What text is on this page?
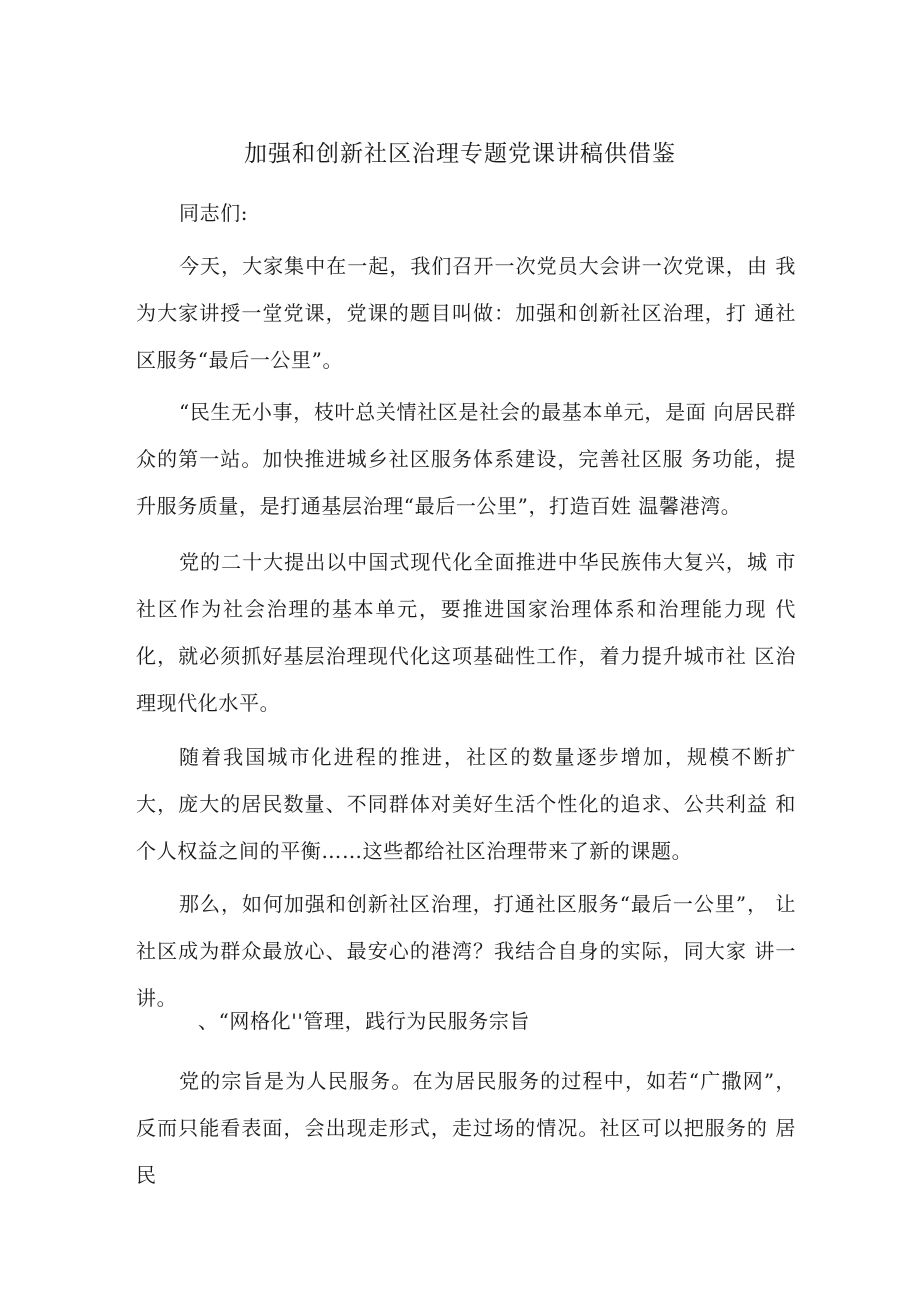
加强和创新社区治理专题党课讲稿供借鉴

同志们:

今天，大家集中在一起，我们召开一次党员大会讲一次党课，由 我为大家讲授一堂党课，党课的题目叫做：加强和创新社区治理，打 通社区服务“最后一公里”。

“民生无小事，枝叶总关情社区是社会的最基本单元，是面 向居民群众的第一站。加快推进城乡社区服务体系建设，完善社区服 务功能，提升服务质量，是打通基层治理“最后一公里”，打造百姓 温馨港湾。

党的二十大提出以中国式现代化全面推进中华民族伟大复兴，城 市社区作为社会治理的基本单元，要推进国家治理体系和治理能力现 代化，就必须抓好基层治理现代化这项基础性工作，着力提升城市社 区治理现代化水平。

随着我国城市化进程的推进，社区的数量逐步增加，规模不断扩 大，庞大的居民数量、不同群体对美好生活个性化的追求、公共利益 和个人权益之间的平衡……这些都给社区治理带来了新的课题。

那么，如何加强和创新社区治理，打通社区服务“最后一公里”， 让社区成为群众最放心、最安心的港湾？我结合自身的实际，同大家 讲一讲。

、“网格化''管理，践行为民服务宗旨

党的宗旨是为人民服务。在为居民服务的过程中，如若“广撒网”，反而只能看表面，会出现走形式，走过场的情况。社区可以把服务的 居民
